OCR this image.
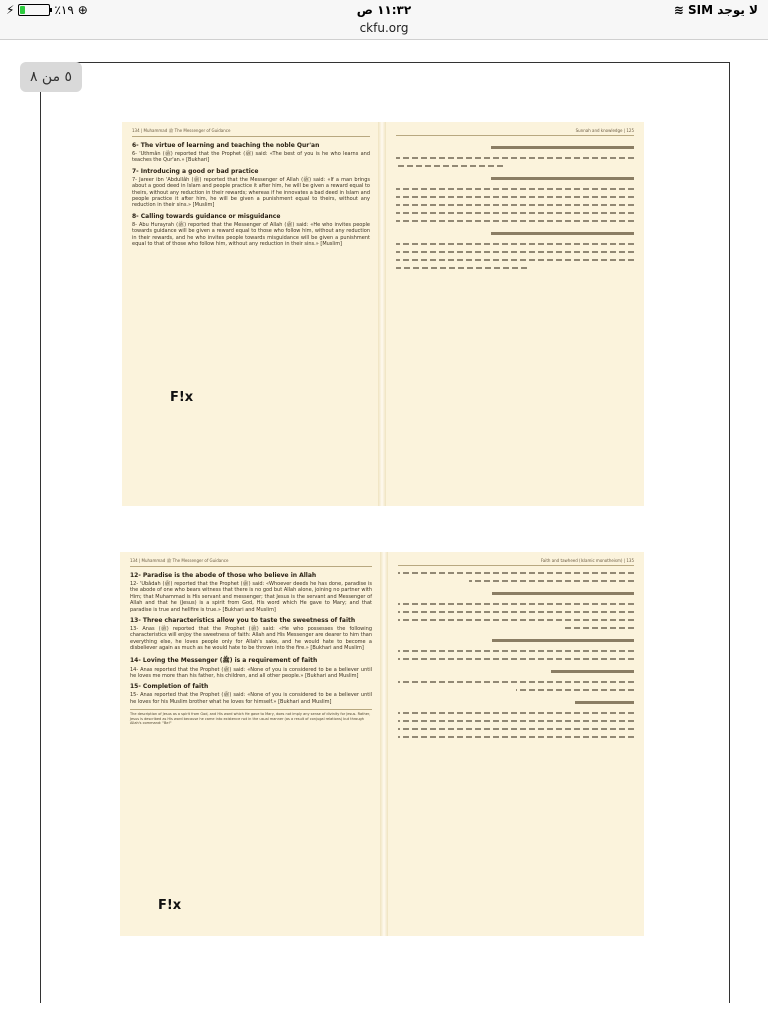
⚡	٪١٩ ⊕	١١:٣٢ ص	لا يوجد SIM ≋
ckfu.org
٥ من ٨
134 | Muhammad ﷺ The Messenger of Guidance
6- The virtue of learning and teaching the noble Qur'an
6- 'Uthmân (ﷺ) reported that the Prophet (ﷺ) said: «The best of you is he who learns and teaches the Qur'an.» [Bukhari]
7- Introducing a good or bad practice
7- Jareer ibn 'Abdullâh (ﷺ) reported that the Messenger of Allah (ﷺ) said: «If a man brings about a good deed in Islam and people practice it after him, he will be given a reward equal to theirs, without any reduction in their rewards; whereas if he innovates a bad deed in Islam and people practice it after him, he will be given a punishment equal to theirs, without any reduction in their sins.» [Muslim]
8- Calling towards guidance or misguidance
8- Abu Hurayrah (ﷺ) reported that the Messenger of Allah (ﷺ) said: «He who invites people towards guidance will be given a reward equal to those who follow him, without any reduction in their rewards, and he who invites people towards misguidance will be given a punishment equal to that of those who follow him, without any reduction in their sins.» [Muslim]
F!x
Sunnah and knowledge | 125
134 | Muhammad ﷺ The Messenger of Guidance
12- Paradise is the abode of those who believe in Allah
12- 'Ubâdah (ﷺ) reported that the Prophet (ﷺ) said: «Whoever deeds he has done, paradise is the abode of one who bears witness that there is no god but Allah alone, joining no partner with Him; that Muhammad is His servant and messenger; that Jesus is the servant and Messenger of Allah and that he (Jesus) is a spirit from God, His word which He gave to Mary; and that paradise is true and hellfire is true.» [Bukhari and Muslim]
13- Three characteristics allow you to taste the sweetness of faith
13- Anas (ﷺ) reported that the Prophet (ﷺ) said: «He who possesses the following characteristics will enjoy the sweetness of faith: Allah and His Messenger are dearer to him than everything else, he loves people only for Allah's sake, and he would hate to become a disbeliever again as much as he would hate to be thrown into the fire.» [Bukhari and Muslim]
14- Loving the Messenger (ﷺ) is a requirement of faith
14- Anas reported that the Prophet (ﷺ) said: «None of you is considered to be a believer until he loves me more than his father, his children, and all other people.» [Bukhari and Muslim]
15- Completion of faith
15- Anas reported that the Prophet (ﷺ) said: «None of you is considered to be a believer until he loves for his Muslim brother what he loves for himself.» [Bukhari and Muslim]
The description of Jesus as a spirit from God, and His word which He gave to Mary, does not imply any sense of divinity for Jesus. Rather, Jesus is described as His word because he came into existence not in the usual manner (as a result of conjugal relations) but through Allah's command: "Be!"
F!x
Faith and tawheed (Islamic monotheism) | 135
